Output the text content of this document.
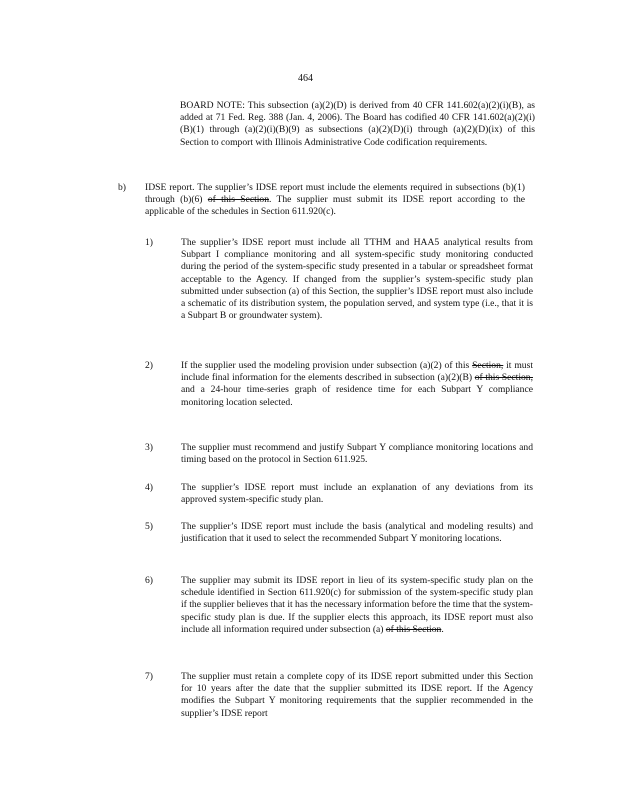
464
BOARD NOTE: This subsection (a)(2)(D) is derived from 40 CFR 141.602(a)(2)(i)(B), as added at 71 Fed. Reg. 388 (Jan. 4, 2006). The Board has codified 40 CFR 141.602(a)(2)(i)(B)(1) through (a)(2)(i)(B)(9) as subsections (a)(2)(D)(i) through (a)(2)(D)(ix) of this Section to comport with Illinois Administrative Code codification requirements.
b) IDSE report. The supplier’s IDSE report must include the elements required in subsections (b)(1) through (b)(6) of this Section. The supplier must submit its IDSE report according to the applicable of the schedules in Section 611.920(c).
1)	The supplier’s IDSE report must include all TTHM and HAA5 analytical results from Subpart I compliance monitoring and all system-specific study monitoring conducted during the period of the system-specific study presented in a tabular or spreadsheet format acceptable to the Agency. If changed from the supplier’s system-specific study plan submitted under subsection (a) of this Section, the supplier’s IDSE report must also include a schematic of its distribution system, the population served, and system type (i.e., that it is a Subpart B or groundwater system).
2)	If the supplier used the modeling provision under subsection (a)(2) of this Section, it must include final information for the elements described in subsection (a)(2)(B) of this Section, and a 24-hour time-series graph of residence time for each Subpart Y compliance monitoring location selected.
3)	The supplier must recommend and justify Subpart Y compliance monitoring locations and timing based on the protocol in Section 611.925.
4)	The supplier’s IDSE report must include an explanation of any deviations from its approved system-specific study plan.
5)	The supplier’s IDSE report must include the basis (analytical and modeling results) and justification that it used to select the recommended Subpart Y monitoring locations.
6)	The supplier may submit its IDSE report in lieu of its system-specific study plan on the schedule identified in Section 611.920(c) for submission of the system-specific study plan if the supplier believes that it has the necessary information before the time that the system-specific study plan is due. If the supplier elects this approach, its IDSE report must also include all information required under subsection (a) of this Section.
7)	The supplier must retain a complete copy of its IDSE report submitted under this Section for 10 years after the date that the supplier submitted its IDSE report. If the Agency modifies the Subpart Y monitoring requirements that the supplier recommended in the supplier’s IDSE report
